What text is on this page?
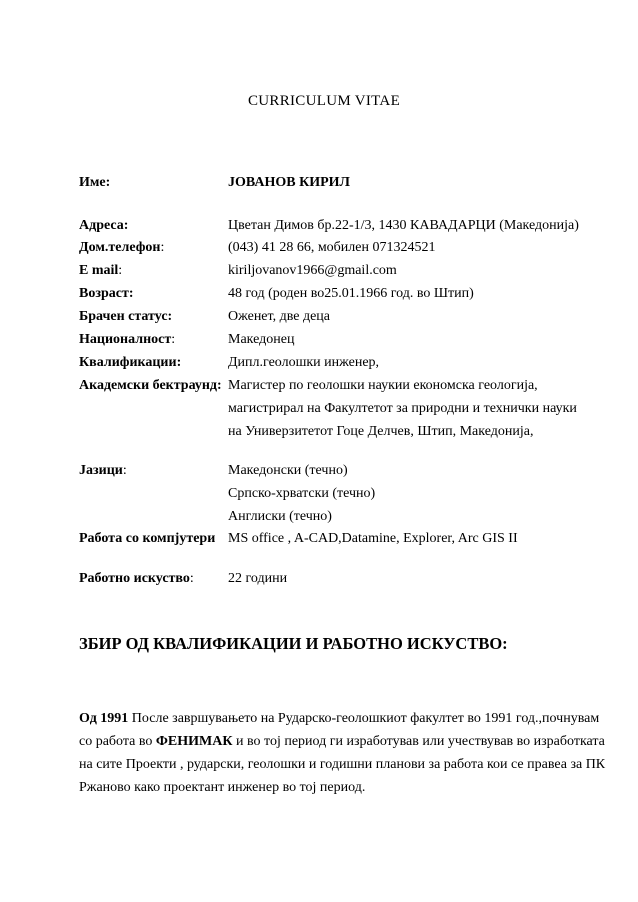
CURRICULUM VITAE
Име:	ЈОВАНОВ КИРИЛ
Адреса:	Цветан Димов бр.22-1/3, 1430 КАВАДАРЦИ (Македонија)
Дом.телефон:	(043) 41 28 66, мобилен 071324521
E mail:	kiriljovanov1966@gmail.com
Возраст:	48 год (роден во25.01.1966 год. во Штип)
Брачен статус:	Оженет, две деца
Националност:	Македонец
Квалификации:	Дипл.геолошки инженер,
Академски бектраунд: Магистер по геолошки наукии економска геологија,
магистрирал на Факултетот за природни и технички науки
на Универзитетот Гоце Делчев, Штип, Македонија,
Јазици:	Македонски (течно)
Српско-хрватски (течно)
Англиски (течно)
Работа со компјутери MS office , A-CAD,Datamine, Explorer, Arc GIS II
Работно искуство: 22 години
ЗБИР ОД КВАЛИФИКАЦИИ И РАБОТНО ИСКУСТВО:
Од 1991 После завршувањето на Рударско-геолошкиот факултет во 1991 год.,почнувам
со работа во ФЕНИМАК и во тој период ги изработував или учествував во изработката
на сите Проекти , рударски, геолошки и годишни планови за работа кои се правеа за ПК
Ржаново како проектант инженер во тој период.
